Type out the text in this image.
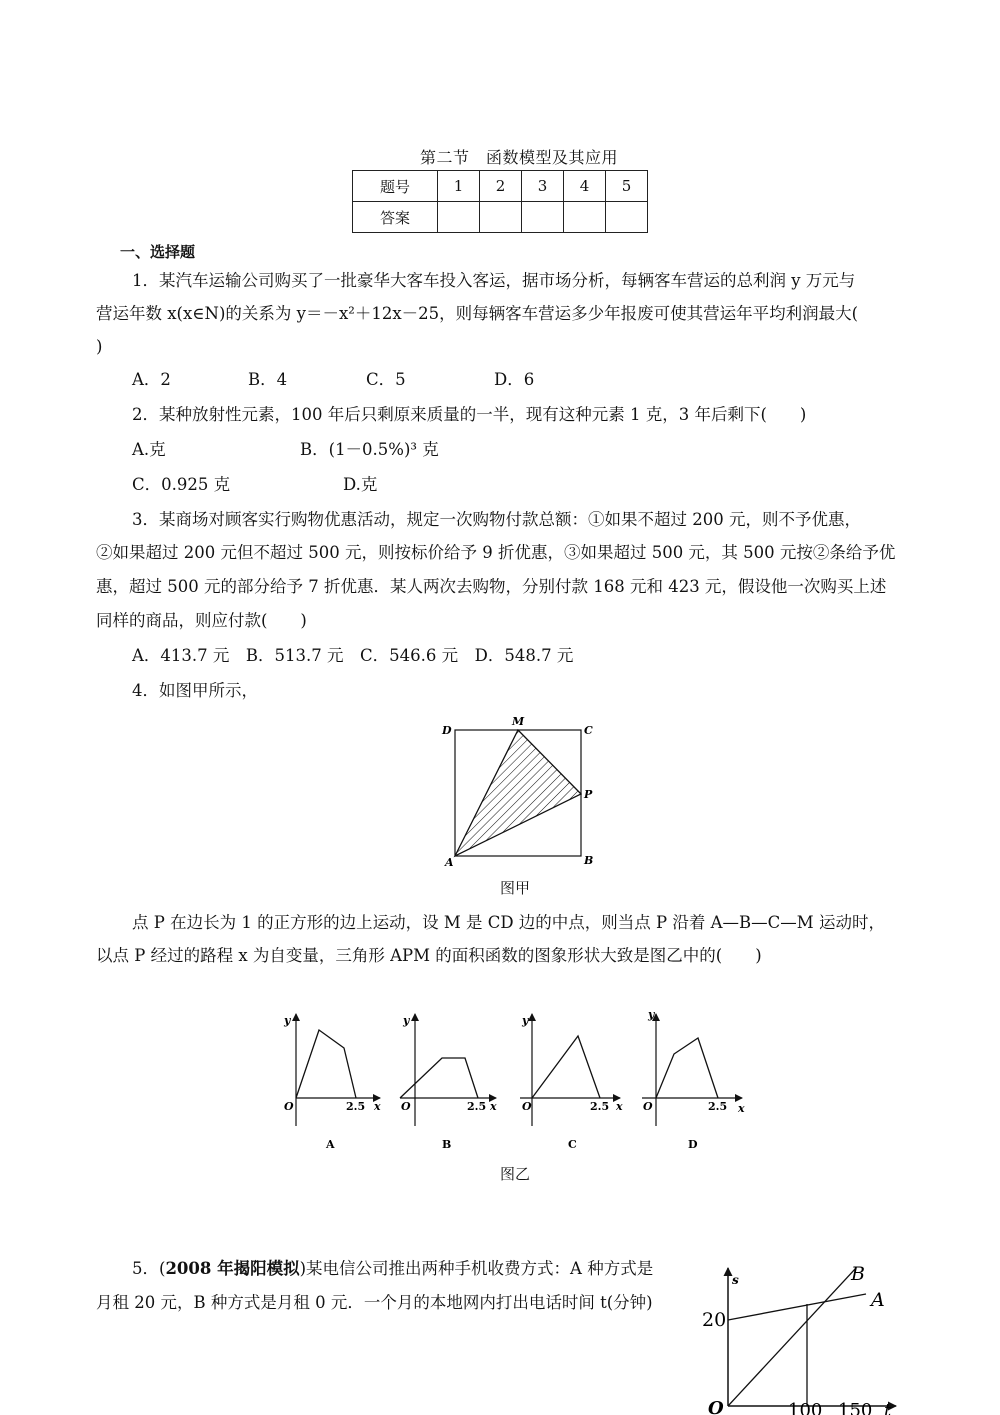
第二节　函数模型及其应用
题号	1	2	3	4	5
答案					
一、选择题
1．某汽车运输公司购买了一批豪华大客车投入客运，据市场分析，每辆客车营运的总利润 y 万元与
营运年数 x(x∈N)的关系为 y＝－x²＋12x－25，则每辆客车营运多少年报废可使其营运年平均利润最大(
)
A．2	B．4	C．5	D．6
2．某种放射性元素，100 年后只剩原来质量的一半，现有这种元素 1 克，3 年后剩下(　　)
A.克	B．(1－0.5%)³ 克
C．0.925 克	D.克
3．某商场对顾客实行购物优惠活动，规定一次购物付款总额：①如果不超过 200 元，则不予优惠，
②如果超过 200 元但不超过 500 元，则按标价给予 9 折优惠，③如果超过 500 元，其 500 元按②条给予优
惠，超过 500 元的部分给予 7 折优惠．某人两次去购物，分别付款 168 元和 423 元，假设他一次购买上述
同样的商品，则应付款(　　)
A．413.7 元　B．513.7 元　C．546.6 元　D．548.7 元
4．如图甲所示，
D
M
C
P
A	B
图甲
点 P 在边长为 1 的正方形的边上运动，设 M 是 CD 边的中点，则当点 P 沿着 A—B—C—M 运动时，
以点 P 经过的路程 x 为自变量，三角形 APM 的面积函数的图象形状大致是图乙中的(　　)
y
O	2.5 x
A
y
O	2.5 x
B
y
O	2.5 x
C
y
O	2.5 x
D
图乙
5．(2008 年揭阳模拟)某电信公司推出两种手机收费方式：A 种方式是
月租 20 元，B 种方式是月租 0 元．一个月的本地网内打出电话时间 t(分钟)
s
20
O	100 150 t
A
B
